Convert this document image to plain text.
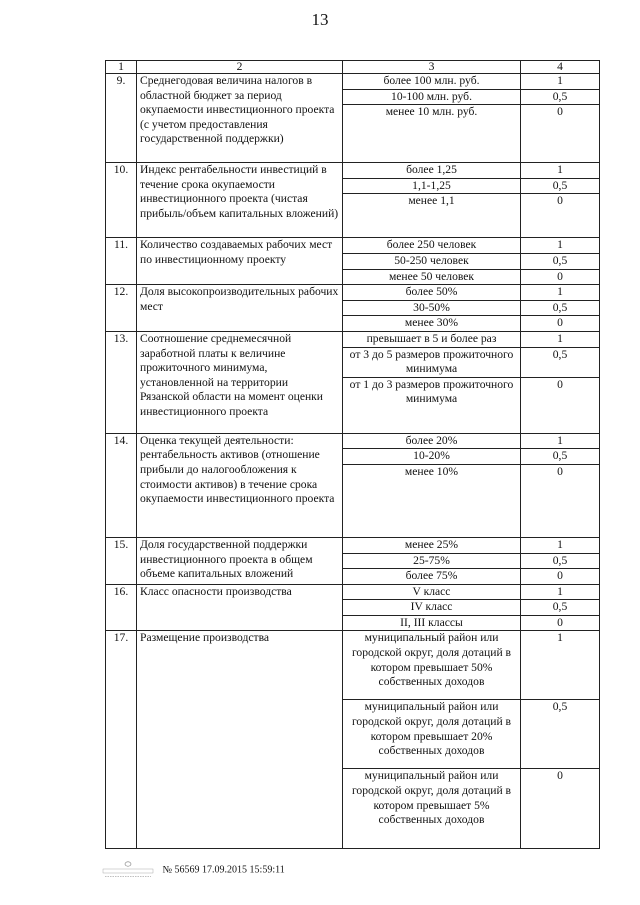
13
1	2	3	4
9.	Среднегодовая величина налогов в областной бюджет за период окупаемости инвестиционного проекта (с учетом предоставления государственной поддержки)	более 100 млн. руб.	1
		10-100 млн. руб.	0,5
		менее 10 млн. руб.	0
10.	Индекс рентабельности инвестиций в течение срока окупаемости инвестиционного проекта (чистая прибыль/объем капитальных вложений)	более 1,25	1
		1,1-1,25	0,5
		менее 1,1	0
11.	Количество создаваемых рабочих мест по инвестиционному проекту	более 250 человек	1
		50-250 человек	0,5
		менее 50 человек	0
12.	Доля высокопроизводительных рабочих мест	более 50%	1
		30-50%	0,5
		менее 30%	0
13.	Соотношение среднемесячной заработной платы к величине прожиточного минимума, установленной на территории Рязанской области на момент оценки инвестиционного проекта	превышает в 5 и более раз	1
		от 3 до 5 размеров прожиточного минимума	0,5
		от 1 до 3 размеров прожиточного минимума	0
14.	Оценка текущей деятельности: рентабельность активов (отношение прибыли до налогообложения к стоимости активов) в течение срока окупаемости инвестиционного проекта	более 20%	1
		10-20%	0,5
		менее 10%	0
15.	Доля государственной поддержки инвестиционного проекта в общем объеме капитальных вложений	менее 25%	1
		25-75%	0,5
		более 75%	0
16.	Класс опасности производства	V класс	1
		IV класс	0,5
		II, III классы	0
17.	Размещение производства	муниципальный район или городской округ, доля дотаций в котором превышает 50% собственных доходов	1
		муниципальный район или городской округ, доля дотаций в котором превышает 20% собственных доходов	0,5
		муниципальный район или городской округ, доля дотаций в котором превышает 5% собственных доходов	0
№ 56569 17.09.2015 15:59:11
